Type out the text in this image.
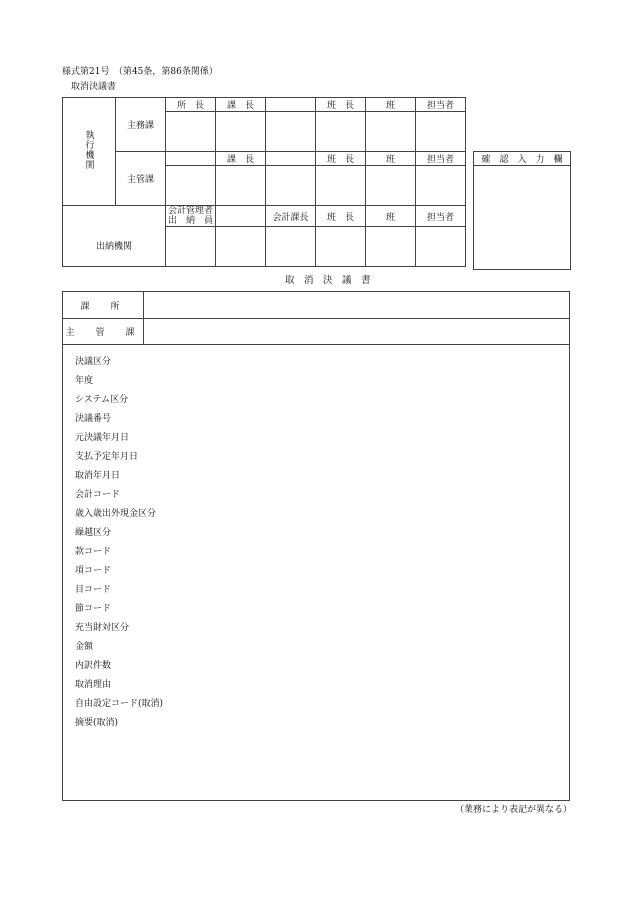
様式第21号　（第45条，第86条関係）
取消決議書
執行機関	主務課	所　長	課　長		班　長	班	担当者

	主管課		課　長		班　長	班	担当者

出納機関		会計管理者
出　納　員		会計課長	班　長	班	担当者

確　認　入　力　欄

取　消　決　議　書
課　所
主　管　課
決議区分
年度
システム区分
決議番号
元決議年月日
支払予定年月日
取消年月日
会計コード
歳入歳出外現金区分
繰越区分
款コード
項コード
目コード
節コード
充当財対区分
金額
内訳件数
取消理由
自由設定コード(取消)
摘要(取消)
（業務により表記が異なる）
